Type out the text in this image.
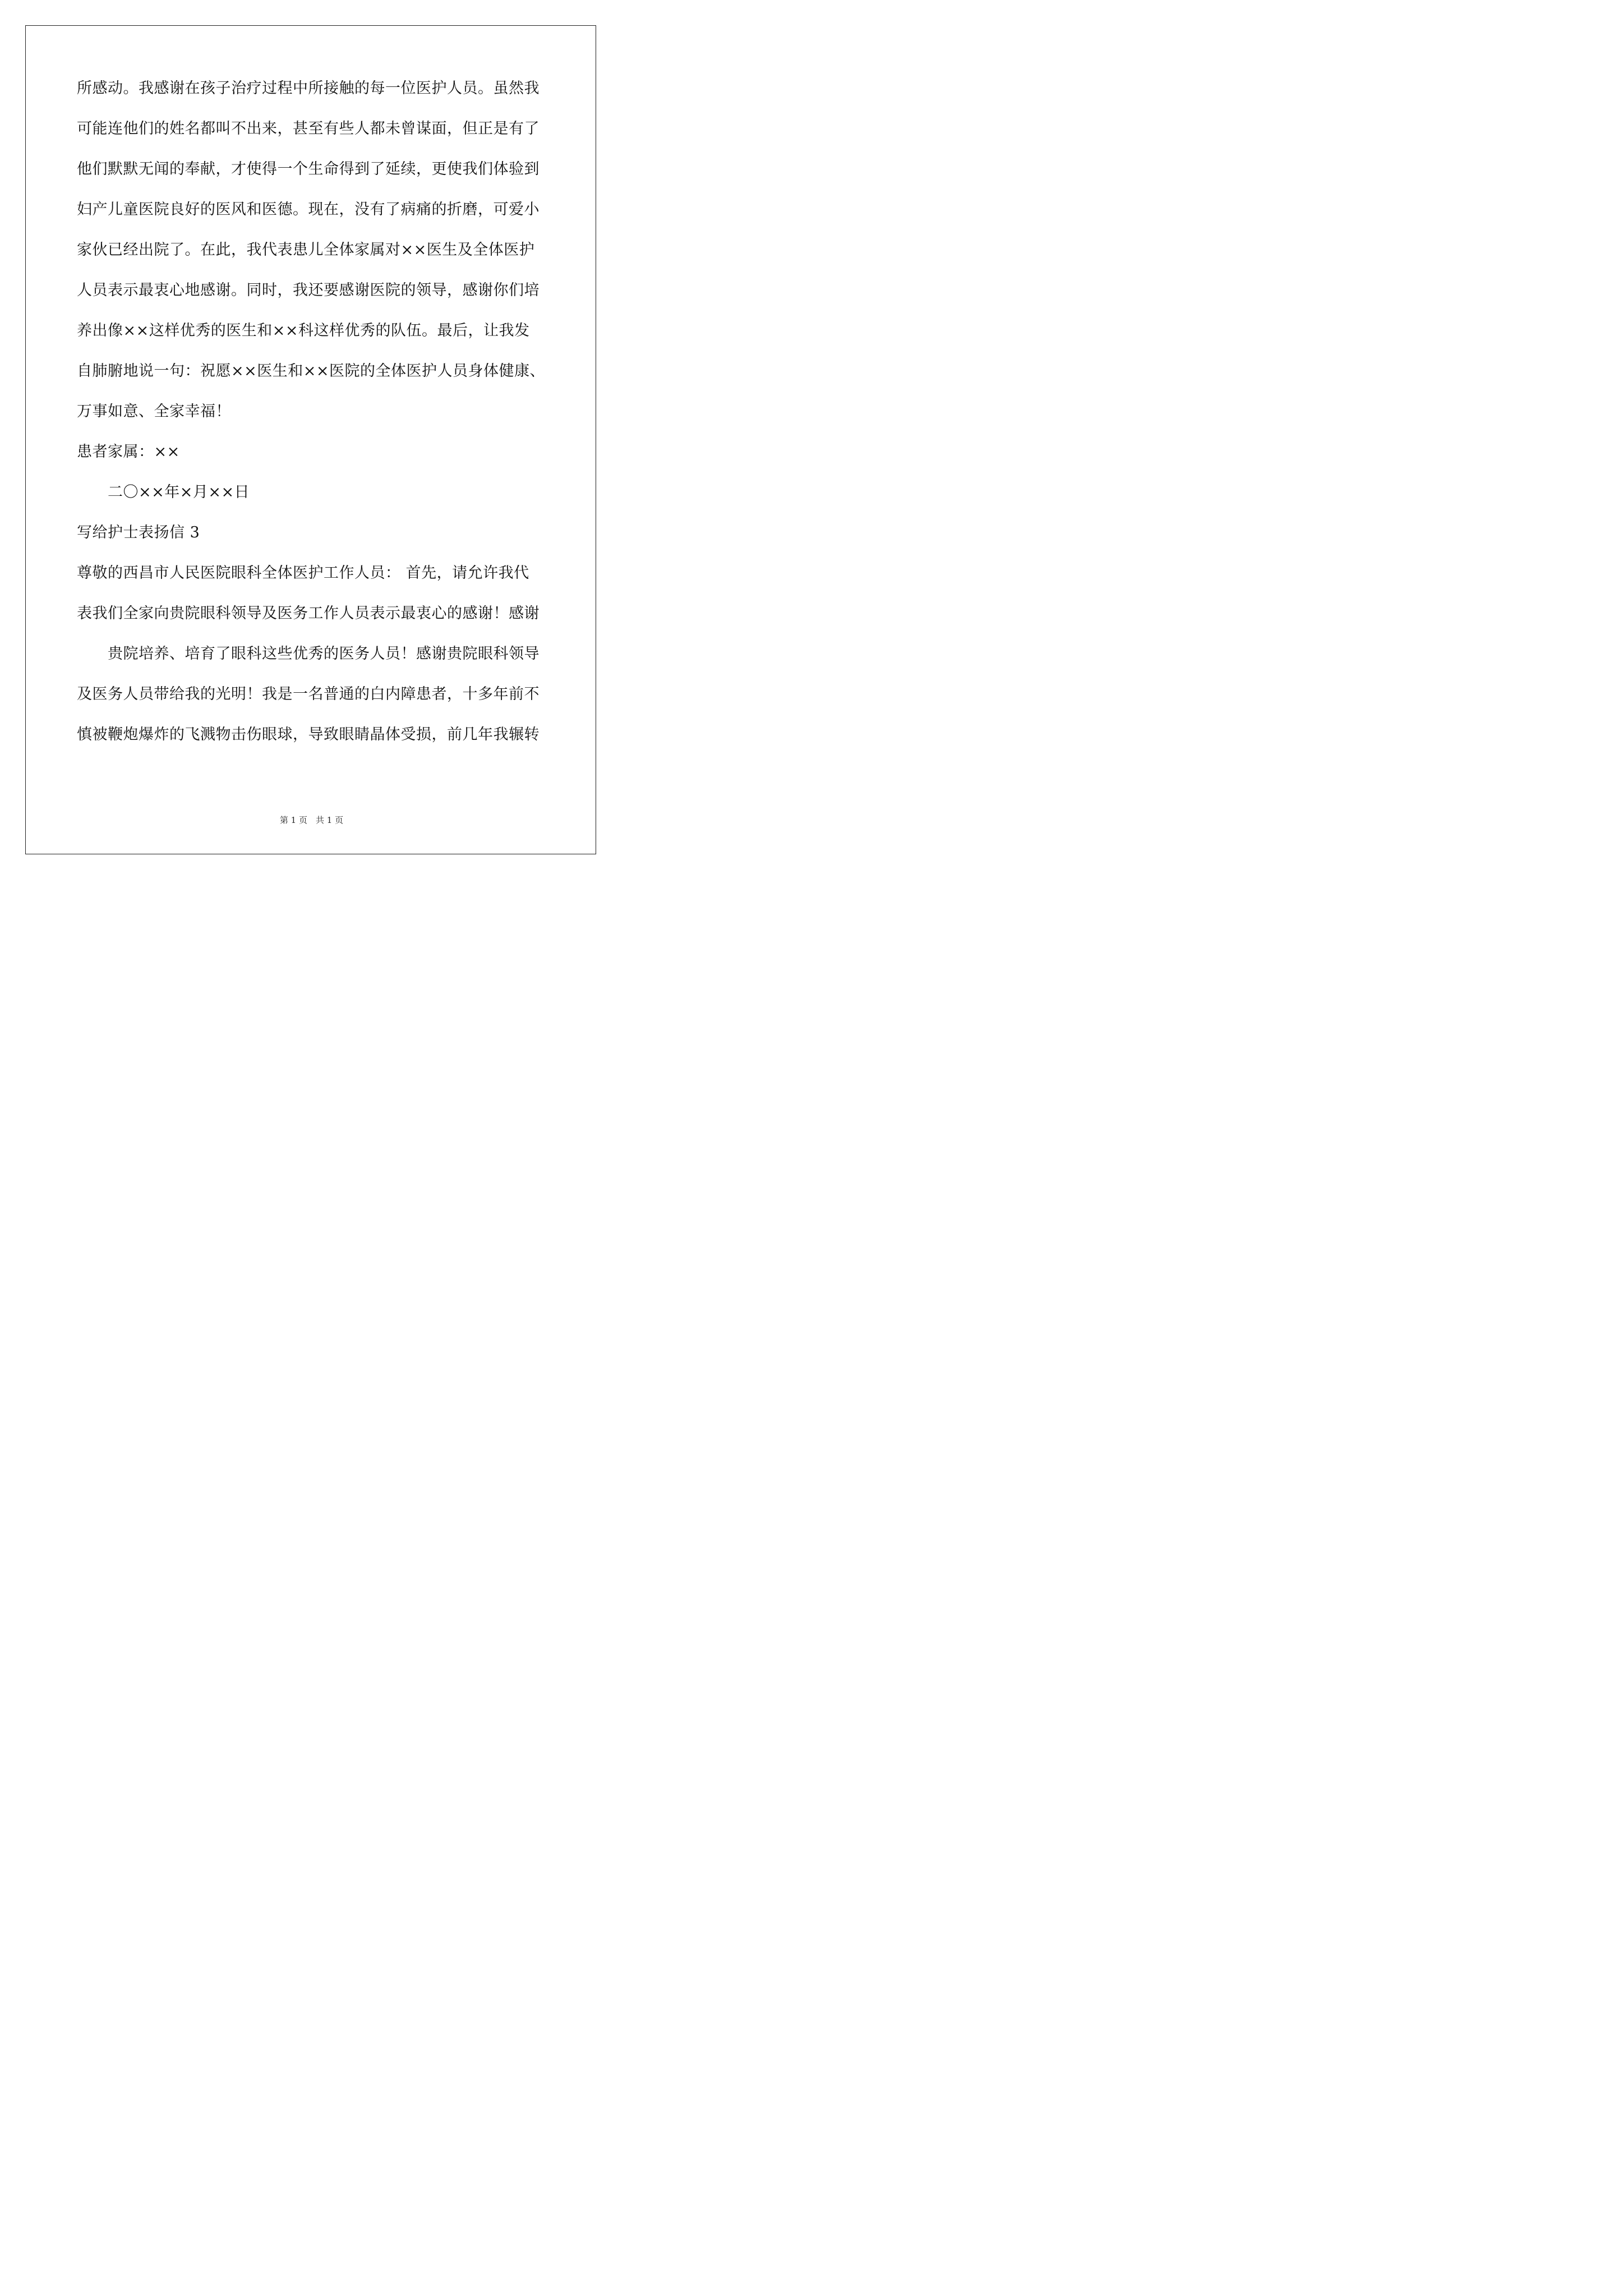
所感动。我感谢在孩子治疗过程中所接触的每一位医护人员。虽然我
可能连他们的姓名都叫不出来，甚至有些人都未曾谋面，但正是有了
他们默默无闻的奉献，才使得一个生命得到了延续，更使我们体验到
妇产儿童医院良好的医风和医德。现在，没有了病痛的折磨，可爱小
家伙已经出院了。在此，我代表患儿全体家属对××医生及全体医护
人员表示最衷心地感谢。同时，我还要感谢医院的领导，感谢你们培
养出像××这样优秀的医生和××科这样优秀的队伍。最后，让我发
自肺腑地说一句：祝愿××医生和××医院的全体医护人员身体健康、
万事如意、全家幸福！
患者家属：××
二〇××年×月××日
写给护士表扬信 3
尊敬的西昌市人民医院眼科全体医护工作人员： 首先，请允许我代
表我们全家向贵院眼科领导及医务工作人员表示最衷心的感谢！感谢
贵院培养、培育了眼科这些优秀的医务人员！感谢贵院眼科领导
及医务人员带给我的光明！我是一名普通的白内障患者，十多年前不
慎被鞭炮爆炸的飞溅物击伤眼球，导致眼睛晶体受损，前几年我辗转
第 1 页　共 1 页
